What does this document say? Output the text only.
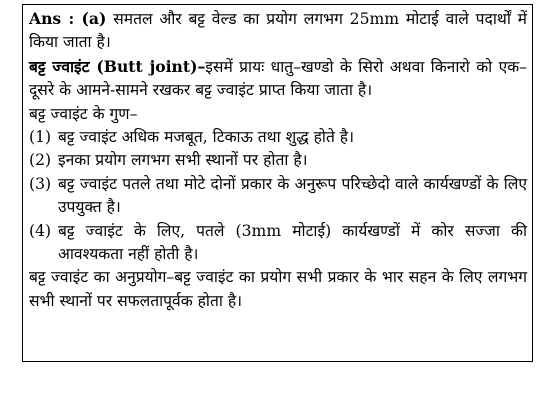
Ans : (a) समतल और बट्ट वेल्ड का प्रयोग लगभग 25mm मोटाई वाले पदार्थों में किया जाता है।

बट्ट ज्वाइंट (Butt joint)–इसमें प्रायः धातु–खण्डो के सिरो अथवा किनारो को एक–दूसरे के आमने-सामने रखकर बट्ट ज्वाइंट प्राप्त किया जाता है।

बट्ट ज्वाइंट के गुण–

(1) बट्ट ज्वाइंट अधिक मजबूत, टिकाऊ तथा शुद्ध होते है।
(2) इनका प्रयोग लगभग सभी स्थानों पर होता है।
(3) बट्ट ज्वाइंट पतले तथा मोटे दोनों प्रकार के अनुरूप परिच्छेदो वाले कार्यखण्डों के लिए उपयुक्त है।
(4) बट्ट ज्वाइंट के लिए, पतले (3mm मोटाई) कार्यखण्डों में कोर सज्जा की आवश्यकता नहीं होती है।

बट्ट ज्वाइंट का अनुप्रयोग–बट्ट ज्वाइंट का प्रयोग सभी प्रकार के भार सहन के लिए लगभग सभी स्थानों पर सफलतापूर्वक होता है।
